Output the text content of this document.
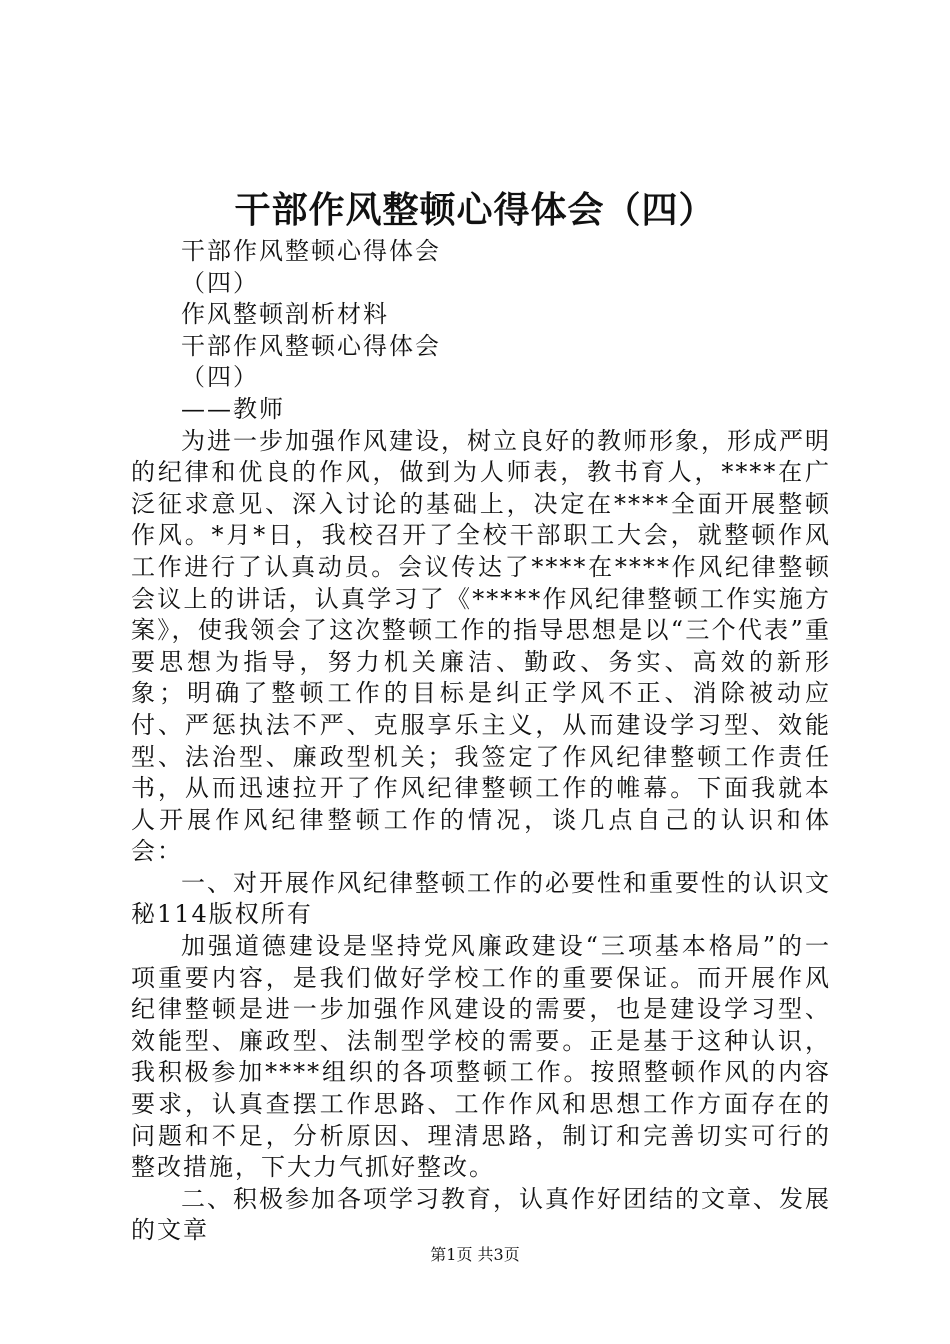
干部作风整顿心得体会（四）

干部作风整顿心得体会

（四）

作风整顿剖析材料

干部作风整顿心得体会

（四）

——教师

为进一步加强作风建设，树立良好的教师形象，形成严明的纪律和优良的作风，做到为人师表，教书育人，****在广泛征求意见、深入讨论的基础上，决定在****全面开展整顿作风。*月*日，我校召开了全校干部职工大会，就整顿作风工作进行了认真动员。会议传达了****在****作风纪律整顿会议上的讲话，认真学习了《*****作风纪律整顿工作实施方案》，使我领会了这次整顿工作的指导思想是以“三个代表”重要思想为指导，努力机关廉洁、勤政、务实、高效的新形象；明确了整顿工作的目标是纠正学风不正、消除被动应付、严惩执法不严、克服享乐主义，从而建设学习型、效能型、法治型、廉政型机关；我签定了作风纪律整顿工作责任书，从而迅速拉开了作风纪律整顿工作的帷幕。下面我就本人开展作风纪律整顿工作的情况，谈几点自己的认识和体会：

一、对开展作风纪律整顿工作的必要性和重要性的认识文秘114版权所有

加强道德建设是坚持党风廉政建设“三项基本格局”的一项重要内容，是我们做好学校工作的重要保证。而开展作风纪律整顿是进一步加强作风建设的需要，也是建设学习型、效能型、廉政型、法制型学校的需要。正是基于这种认识，我积极参加****组织的各项整顿工作。按照整顿作风的内容要求，认真查摆工作思路、工作作风和思想工作方面存在的问题和不足，分析原因、理清思路，制订和完善切实可行的整改措施，下大力气抓好整改。

二、积极参加各项学习教育，认真作好团结的文章、发展的文章

第1页 共3页
